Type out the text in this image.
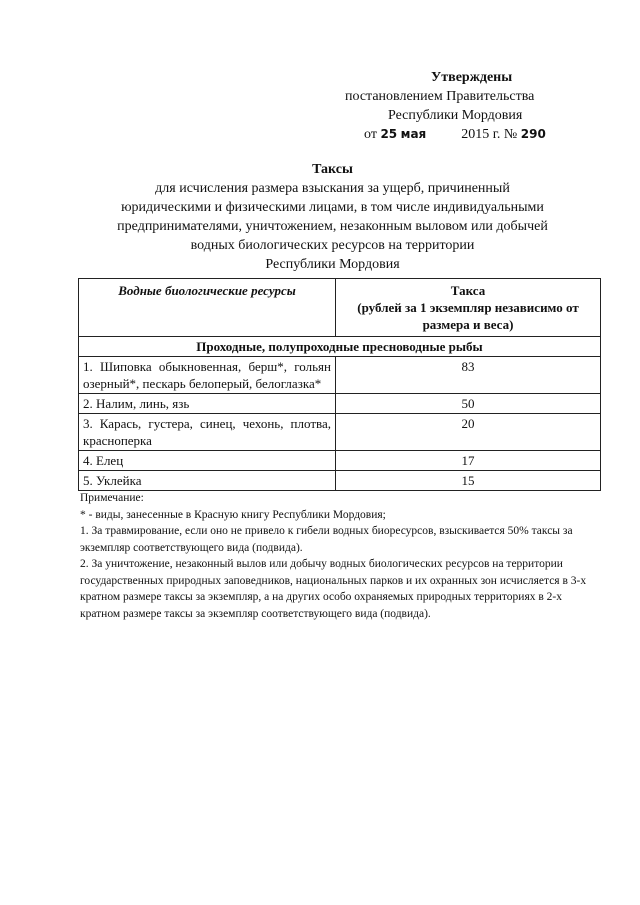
Утверждены
постановлением Правительства
Республики Мордовия
от 25 мая	2015 г. № 290
Таксы
для исчисления размера взыскания за ущерб, причиненный
юридическими и физическими лицами, в том числе индивидуальными
предпринимателями, уничтожением, незаконным выловом или добычей
водных биологических ресурсов на территории
Республики Мордовия
Водные биологические ресурсы	Такса
(рублей за 1 экземпляр независимо от
размера и веса)

Проходные, полупроходные пресноводные рыбы	
1. Шиповка обыкновенная, берш*, гольян озерный*, пескарь белоперый, белоглазка*	83
2. Налим, линь, язь	50
3. Карась, густера, синец, чехонь, плотва, красноперка	20
4. Елец	17
5. Уклейка	15

Примечание:

* - виды, занесенные в Красную книгу Республики Мордовия;

1. За травмирование, если оно не привело к гибели водных биоресурсов, взыскивается 50% таксы за экземпляр соответствующего вида (подвида).

2. За уничтожение, незаконный вылов или добычу водных биологических ресурсов на территории государственных природных заповедников, национальных парков и их охранных зон исчисляется в 3-х кратном размере таксы за экземпляр, а на других особо охраняемых природных территориях в 2-х кратном размере таксы за экземпляр соответствующего вида (подвида).
